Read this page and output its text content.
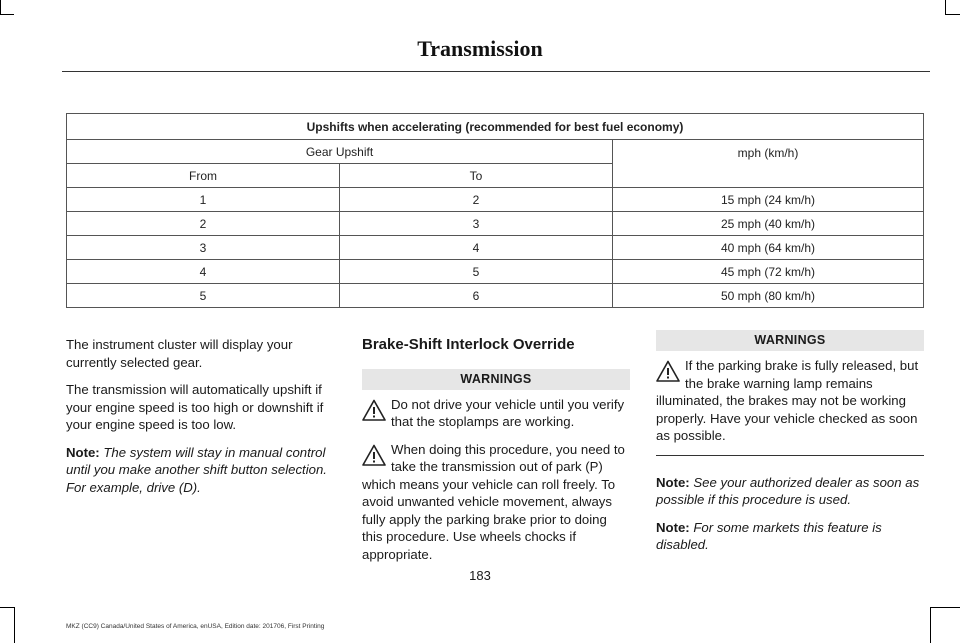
Transmission
Upshifts when accelerating (recommended for best fuel economy)		
Gear Upshift		mph (km/h)
From	To	
1	2	15 mph (24 km/h)
2	3	25 mph (40 km/h)
3	4	40 mph (64 km/h)
4	5	45 mph (72 km/h)
5	6	50 mph (80 km/h)

The instrument cluster will display your currently selected gear.

The transmission will automatically upshift if your engine speed is too high or downshift if your engine speed is too low.

Note: The system will stay in manual control until you make another shift button selection. For example, drive (D).

Brake-Shift Interlock Override
WARNINGS
Do not drive your vehicle until you verify that the stoplamps are working.
When doing this procedure, you need to take the transmission out of park (P) which means your vehicle can roll freely. To avoid unwanted vehicle movement, always fully apply the parking brake prior to doing this procedure. Use wheels chocks if appropriate.
WARNINGS
If the parking brake is fully released, but the brake warning lamp remains illuminated, the brakes may not be working properly. Have your vehicle checked as soon as possible.

Note: See your authorized dealer as soon as possible if this procedure is used.

Note: For some markets this feature is disabled.

183
MKZ (CC9) Canada/United States of America, enUSA, Edition date: 201706, First Printing
